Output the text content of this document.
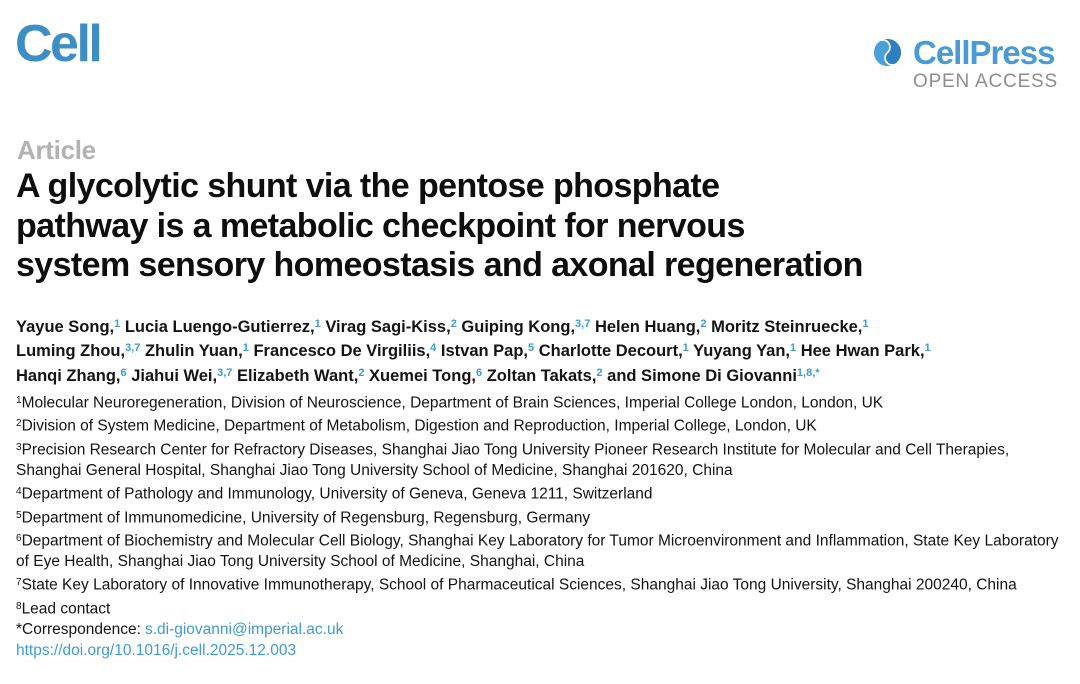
Cell	CellPress
OPEN ACCESS
Article
A glycolytic shunt via the pentose phosphate
pathway is a metabolic checkpoint for nervous
system sensory homeostasis and axonal regeneration
Yayue Song,$^1$ Lucia Luengo-Gutierrez,$^1$ Virag Sagi-Kiss,$^2$ Guiping Kong,$^{3,7}$ Helen Huang,$^2$ Moritz Steinruecke,$^1$
Luming Zhou,$^{3,7}$ Zhulin Yuan,$^1$ Francesco De Virgiliis,$^4$ Istvan Pap,$^5$ Charlotte Decourt,$^1$ Yuyang Yan,$^1$ Hee Hwan Park,$^1$
Hanqi Zhang,$^6$ Jiahui Wei,$^{3,7}$ Elizabeth Want,$^2$ Xuemei Tong,$^6$ Zoltan Takats,$^2$ and Simone Di Giovanni$^{1,8,*}$
$^1$Molecular Neuroregeneration, Division of Neuroscience, Department of Brain Sciences, Imperial College London, London, UK
$^2$Division of System Medicine, Department of Metabolism, Digestion and Reproduction, Imperial College, London, UK
$^3$Precision Research Center for Refractory Diseases, Shanghai Jiao Tong University Pioneer Research Institute for Molecular and Cell Therapies, Shanghai General Hospital, Shanghai Jiao Tong University School of Medicine, Shanghai 201620, China
$^4$Department of Pathology and Immunology, University of Geneva, Geneva 1211, Switzerland
$^5$Department of Immunomedicine, University of Regensburg, Regensburg, Germany
$^6$Department of Biochemistry and Molecular Cell Biology, Shanghai Key Laboratory for Tumor Microenvironment and Inflammation, State Key Laboratory of Eye Health, Shanghai Jiao Tong University School of Medicine, Shanghai, China
$^7$State Key Laboratory of Innovative Immunotherapy, School of Pharmaceutical Sciences, Shanghai Jiao Tong University, Shanghai 200240, China
$^8$Lead contact
*Correspondence: s.di-giovanni@imperial.ac.uk
https://doi.org/10.1016/j.cell.2025.12.003
